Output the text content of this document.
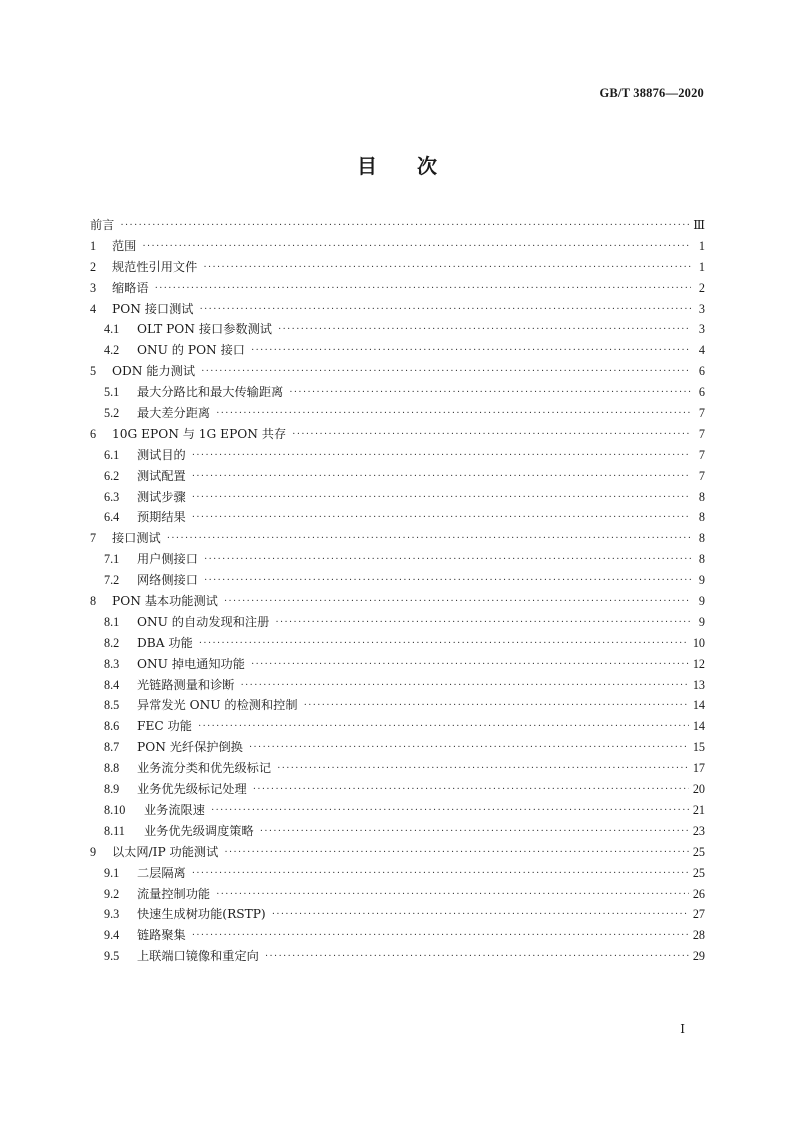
GB/T 38876—2020
目 次
前言 ·····	Ⅲ
1	范围 ·····	1
2	规范性引用文件 ·····	1
3	缩略语 ·····	2
4	PON 接口测试 ·····	3
4.1	OLT PON 接口参数测试 ·····	3
4.2	ONU 的 PON 接口 ·····	4
5	ODN 能力测试 ·····	6
5.1	最大分路比和最大传输距离 ·····	6
5.2	最大差分距离 ·····	7
6	10G EPON 与 1G EPON 共存 ·····	7
6.1	测试目的 ·····	7
6.2	测试配置 ·····	7
6.3	测试步骤 ·····	8
6.4	预期结果 ·····	8
7	接口测试 ·····	8
7.1	用户侧接口 ·····	8
7.2	网络侧接口 ·····	9
8	PON 基本功能测试 ·····	9
8.1	ONU 的自动发现和注册 ·····	9
8.2	DBA 功能 ·····	10
8.3	ONU 掉电通知功能 ·····	12
8.4	光链路测量和诊断 ·····	13
8.5	异常发光 ONU 的检测和控制 ·····	14
8.6	FEC 功能 ·····	14
8.7	PON 光纤保护倒换 ·····	15
8.8	业务流分类和优先级标记 ·····	17
8.9	业务优先级标记处理 ·····	20
8.10	业务流限速 ·····	21
8.11	业务优先级调度策略 ·····	23
9	以太网/IP 功能测试 ·····	25
9.1	二层隔离 ·····	25
9.2	流量控制功能 ·····	26
9.3	快速生成树功能(RSTP) ·····	27
9.4	链路聚集 ·····	28
9.5	上联端口镜像和重定向 ·····	29
Ⅰ
